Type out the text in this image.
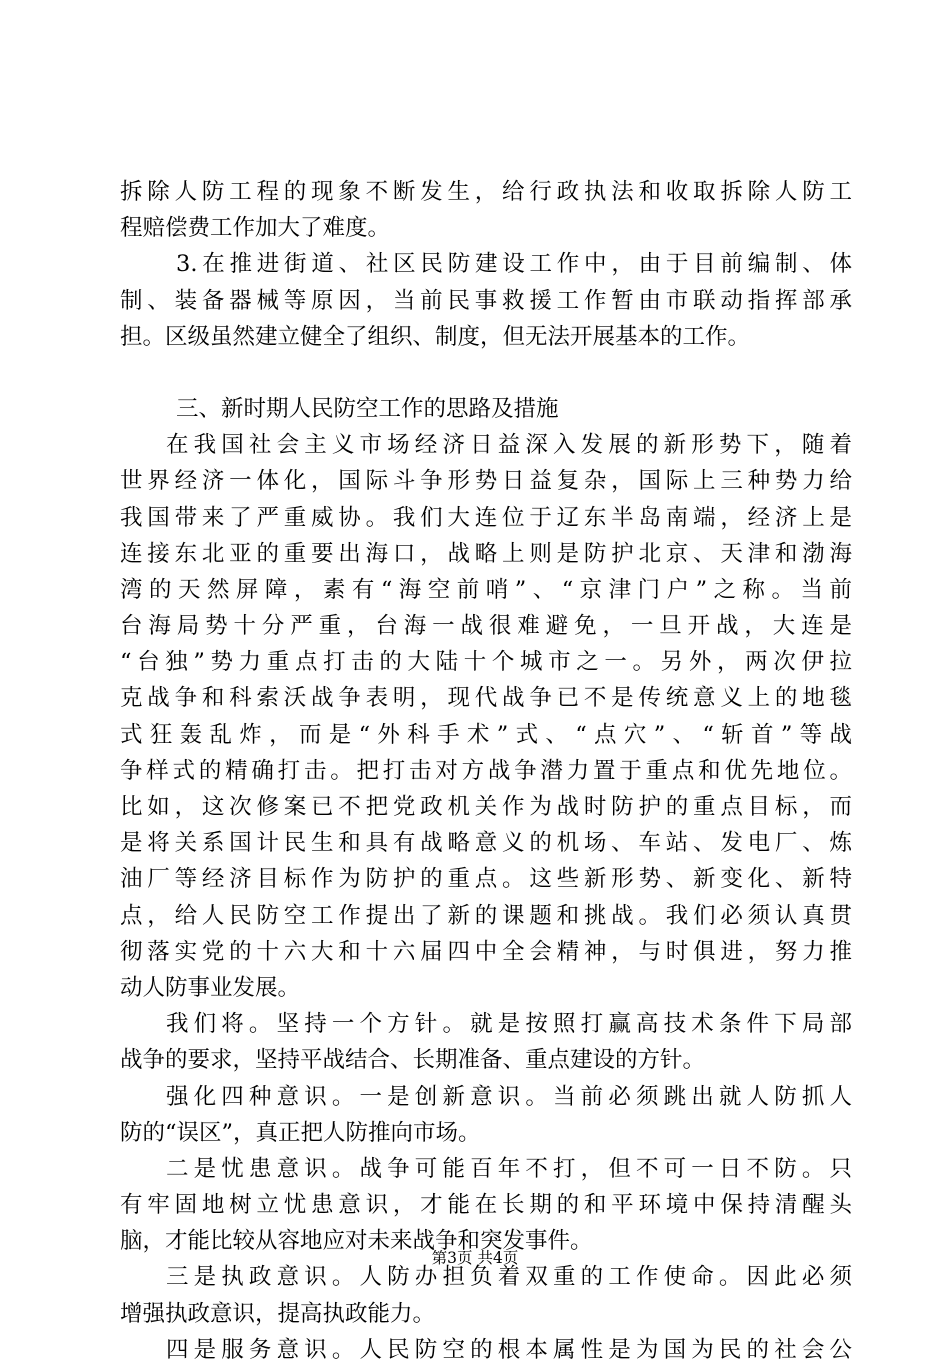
拆除人防工程的现象不断发生，给行政执法和收取拆除人防工
程赔偿费工作加大了难度。
3.在推进街道、社区民防建设工作中，由于目前编制、体
制、装备器械等原因，当前民事救援工作暂由市联动指挥部承
担。区级虽然建立健全了组织、制度，但无法开展基本的工作。
三、新时期人民防空工作的思路及措施
在我国社会主义市场经济日益深入发展的新形势下，随着
世界经济一体化，国际斗争形势日益复杂，国际上三种势力给
我国带来了严重威协。我们大连位于辽东半岛南端，经济上是
连接东北亚的重要出海口，战略上则是防护北京、天津和渤海
湾的天然屏障，素有“海空前哨”、“京津门户”之称。当前
台海局势十分严重，台海一战很难避免，一旦开战，大连是
“台独”势力重点打击的大陆十个城市之一。另外，两次伊拉
克战争和科索沃战争表明，现代战争已不是传统意义上的地毯
式狂轰乱炸，而是“外科手术”式、“点穴”、“斩首”等战
争样式的精确打击。把打击对方战争潜力置于重点和优先地位。
比如，这次修案已不把党政机关作为战时防护的重点目标，而
是将关系国计民生和具有战略意义的机场、车站、发电厂、炼
油厂等经济目标作为防护的重点。这些新形势、新变化、新特
点，给人民防空工作提出了新的课题和挑战。我们必须认真贯
彻落实党的十六大和十六届四中全会精神，与时俱进，努力推
动人防事业发展。
我们将。坚持一个方针。就是按照打赢高技术条件下局部
战争的要求，坚持平战结合、长期准备、重点建设的方针。
强化四种意识。一是创新意识。当前必须跳出就人防抓人
防的“误区”，真正把人防推向市场。
二是忧患意识。战争可能百年不打，但不可一日不防。只
有牢固地树立忧患意识，才能在长期的和平环境中保持清醒头
脑，才能比较从容地应对未来战争和突发事件。
三是执政意识。人防办担负着双重的工作使命。因此必须
增强执政意识，提高执政能力。
四是服务意识。人民防空的根本属性是为国为民的社会公
第3页 共4页
